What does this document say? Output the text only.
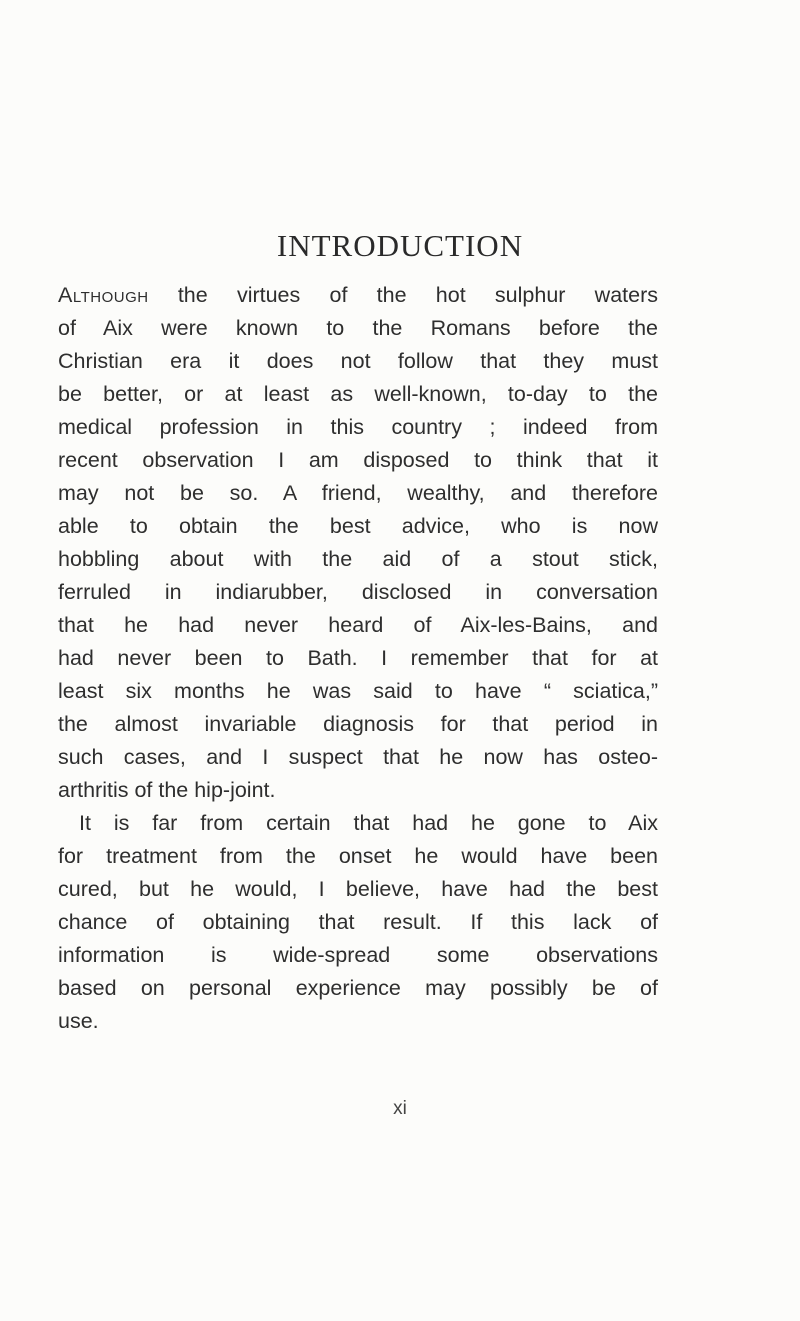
INTRODUCTION
Although the virtues of the hot sulphur waters
of Aix were known to the Romans before the
Christian era it does not follow that they must
be better, or at least as well-known, to-day to the
medical profession in this country ; indeed from
recent observation I am disposed to think that it
may not be so. A friend, wealthy, and therefore
able to obtain the best advice, who is now
hobbling about with the aid of a stout stick,
ferruled in indiarubber, disclosed in conversation
that he had never heard of Aix-les-Bains, and
had never been to Bath. I remember that for at
least six months he was said to have “ sciatica,”
the almost invariable diagnosis for that period in
such cases, and I suspect that he now has osteo-
arthritis of the hip-joint.
It is far from certain that had he gone to Aix
for treatment from the onset he would have been
cured, but he would, I believe, have had the best
chance of obtaining that result. If this lack of
information is wide-spread some observations
based on personal experience may possibly be of
use.
xi
